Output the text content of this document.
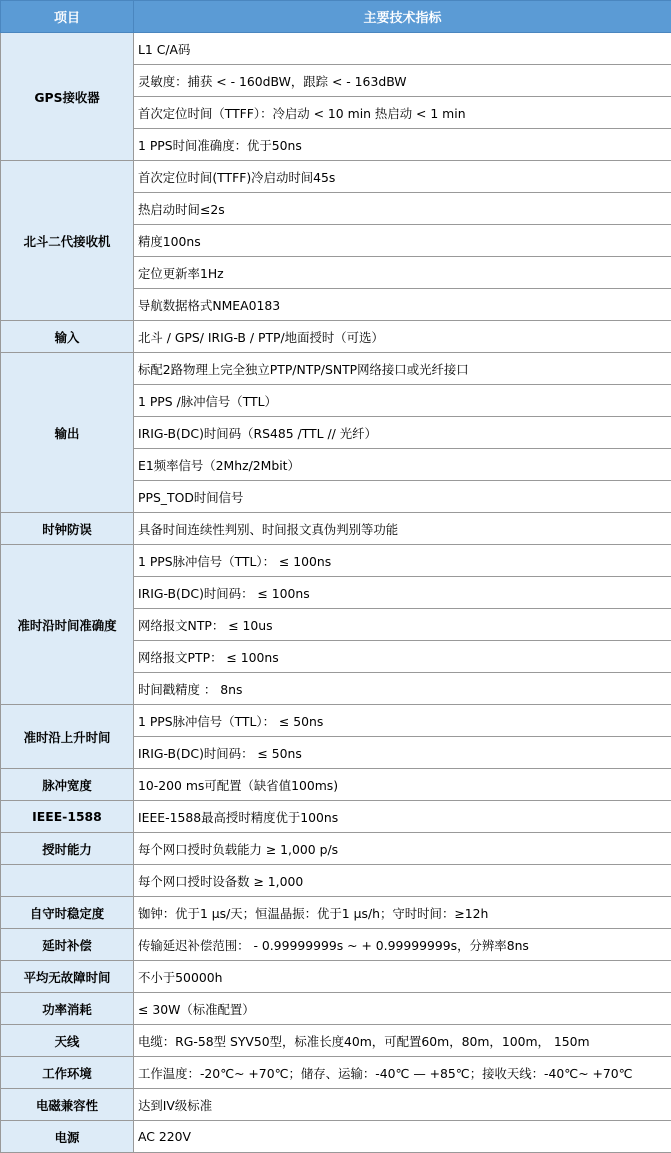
项目	主要技术指标
GPS接收器	L1 C/A码
	灵敏度：捕获 < - 160dBW，跟踪 < - 163dBW
	首次定位时间（TTFF）：冷启动 < 10 min 热启动 < 1 min
	1 PPS时间准确度：优于50ns
北斗二代接收机	首次定位时间(TTFF)冷启动时间45s
	热启动时间≤2s
	精度100ns
	定位更新率1Hz
	导航数据格式NMEA0183
输入	北斗 / GPS/ IRIG-B / PTP/地面授时（可选）
输出	标配2路物理上完全独立PTP/NTP/SNTP网络接口或光纤接口
	1 PPS /脉冲信号（TTL）
	IRIG-B(DC)时间码（RS485 /TTL // 光纤）
	E1频率信号（2Mhz/2Mbit）
	PPS_TOD时间信号
时钟防误	具备时间连续性判别、时间报文真伪判别等功能
准时沿时间准确度	1 PPS脉冲信号（TTL）： ≤ 100ns
	IRIG-B(DC)时间码： ≤ 100ns
	网络报文NTP： ≤ 10us
	网络报文PTP： ≤ 100ns
	时间戳精度 ： 8ns
准时沿上升时间	1 PPS脉冲信号（TTL）： ≤ 50ns
	IRIG-B(DC)时间码： ≤ 50ns
脉冲宽度	10-200 ms可配置（缺省值100ms)
IEEE-1588	IEEE-1588最高授时精度优于100ns
授时能力	每个网口授时负载能力 ≥ 1,000 p/s
	每个网口授时设备数 ≥ 1,000
自守时稳定度	铷钟：优于1 μs/天；恒温晶振：优于1 μs/h；守时时间：≥12h
延时补偿	传输延迟补偿范围： - 0.99999999s ~ + 0.99999999s，分辨率8ns
平均无故障时间	不小于50000h
功率消耗	≤ 30W（标准配置）
天线	电缆：RG-58型 SYV50型，标准长度40m，可配置60m，80m，100m， 150m
工作环境	工作温度：-20℃~ +70℃；储存、运输：-40℃ — +85℃；接收天线：-40℃~ +70℃
电磁兼容性	达到IV级标准
电源	AC 220V
